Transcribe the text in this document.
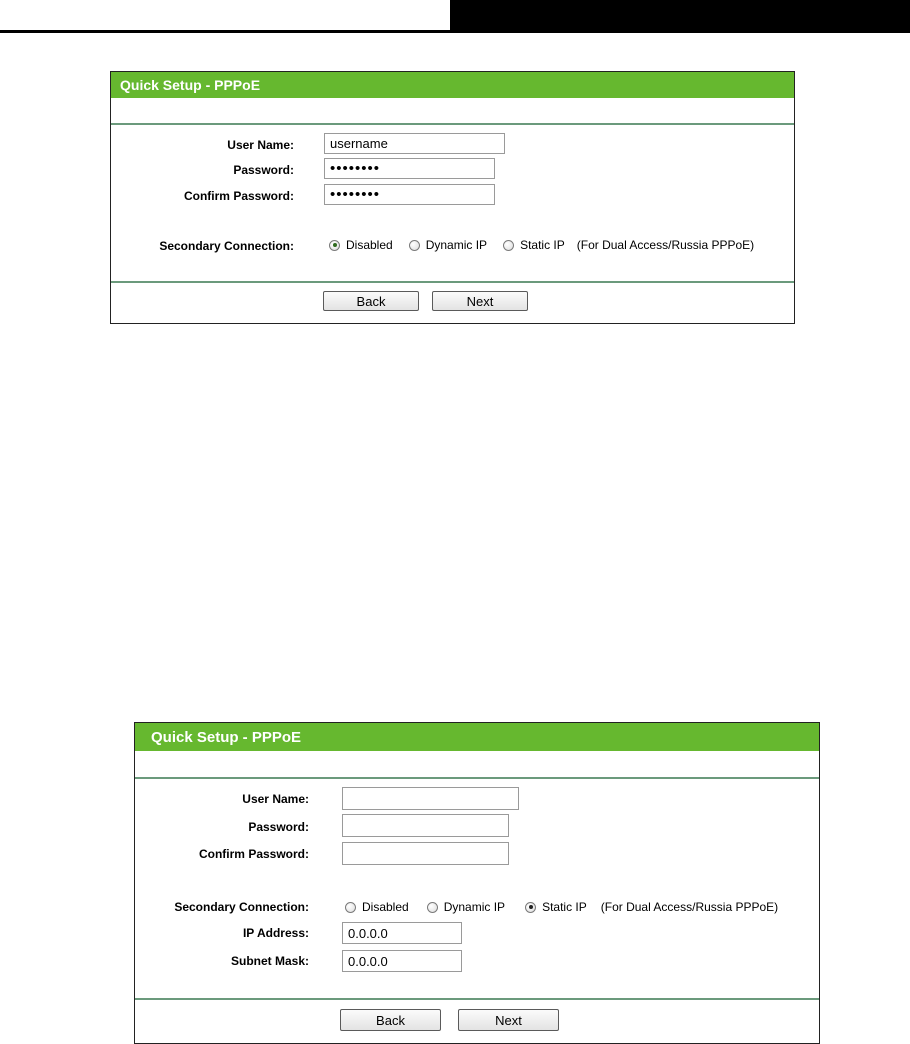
Quick Setup - PPPoE
User Name:
username
Password:
••••••••
Confirm Password:
••••••••
Secondary Connection:	Disabled	Dynamic IP	Static IP (For Dual Access/Russia PPPoE)
Back	Next
Quick Setup - PPPoE
User Name:
Password:
Confirm Password:
Secondary Connection:	Disabled	Dynamic IP	Static IP (For Dual Access/Russia PPPoE)
IP Address:
0.0.0.0
Subnet Mask:
0.0.0.0
Back	Next
